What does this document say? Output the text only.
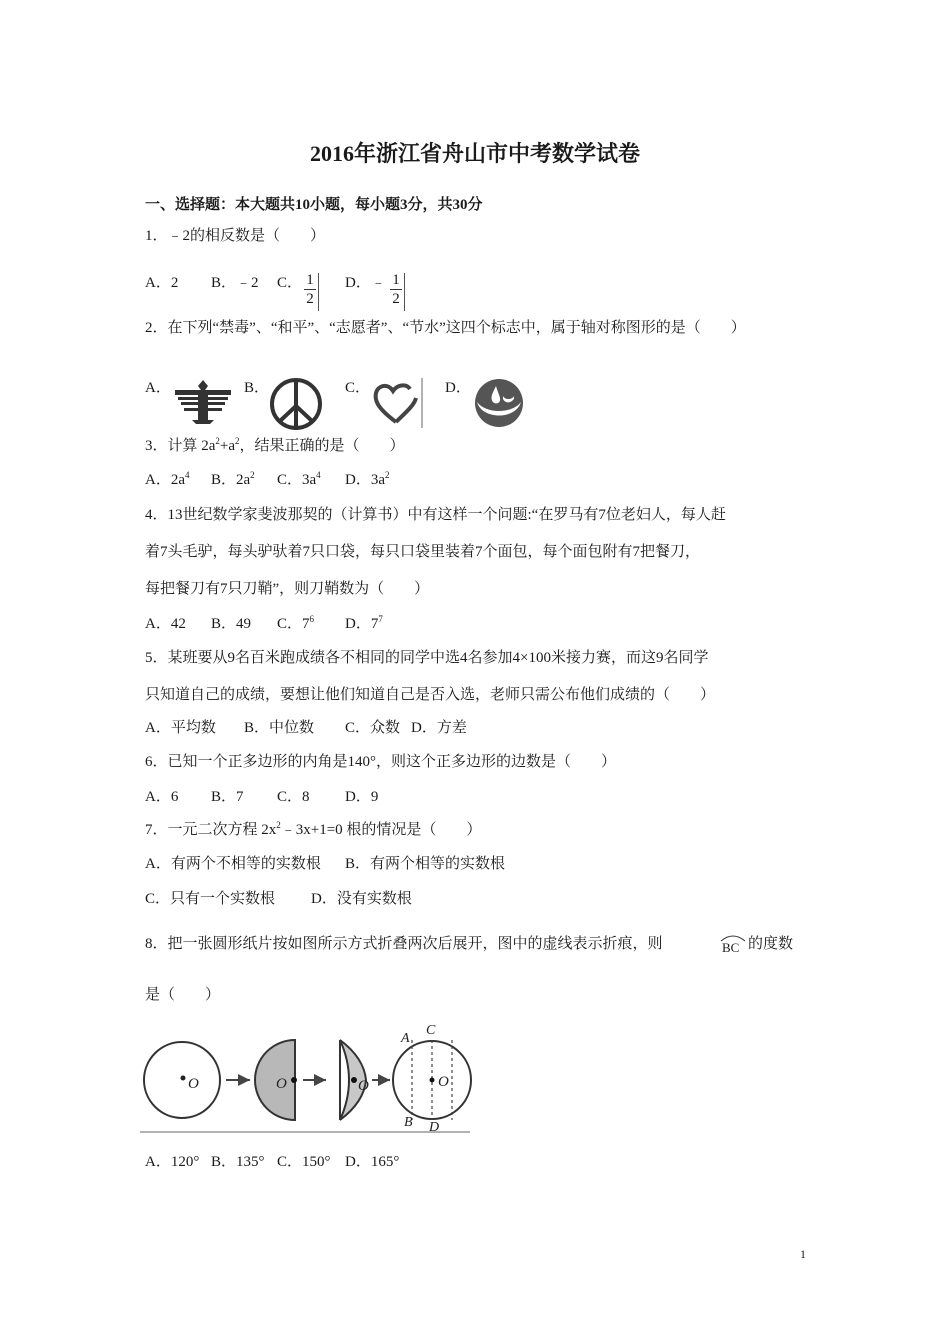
2016年浙江省舟山市中考数学试卷
一、选择题：本大题共10小题，每小题3分，共30分
1．﹣2的相反数是（　　）
A．2 B．﹣2 C． 1
2
D．﹣ 1
2
2．在下列“禁毒”、“和平”、“志愿者”、“节水”这四个标志中，属于轴对称图形的是（　　）
A．	B．	C．	D．
3．计算 $2a^2+a^2$，结果正确的是（　　）
A．$2a^4$ B．$2a^2$ C．$3a^4$ D．$3a^2$
4．13世纪数学家斐波那契的（计算书）中有这样一个问题:“在罗马有7位老妇人，每人赶
着7头毛驴，每头驴驮着7只口袋，每只口袋里装着7个面包，每个面包附有7把餐刀，
每把餐刀有7只刀鞘”，则刀鞘数为（　　）
A．42 B．49 C．$7^6$ D．$7^7$
5．某班要从9名百米跑成绩各不相同的同学中选4名参加4×100米接力赛，而这9名同学
只知道自己的成绩，要想让他们知道自己是否入选，老师只需公布他们成绩的（　　）
A．平均数 B．中位数 C．众数 D．方差
6．已知一个正多边形的内角是140°，则这个正多边形的边数是（　　）
A．6 B．7 C．8 D．9
7．一元二次方程 $2x^2﹣3x+1=0$ 根的情况是（　　）
A．有两个不相等的实数根 B．有两个相等的实数根
C．只有一个实数根 D．没有实数根
8．把一张圆形纸片按如图所示方式折叠两次后展开，图中的虚线表示折痕，则	BC 的度数
是（　　）
O	O	O	O
A
C
B D
A．120° B．135° C．150° D．165°
1
